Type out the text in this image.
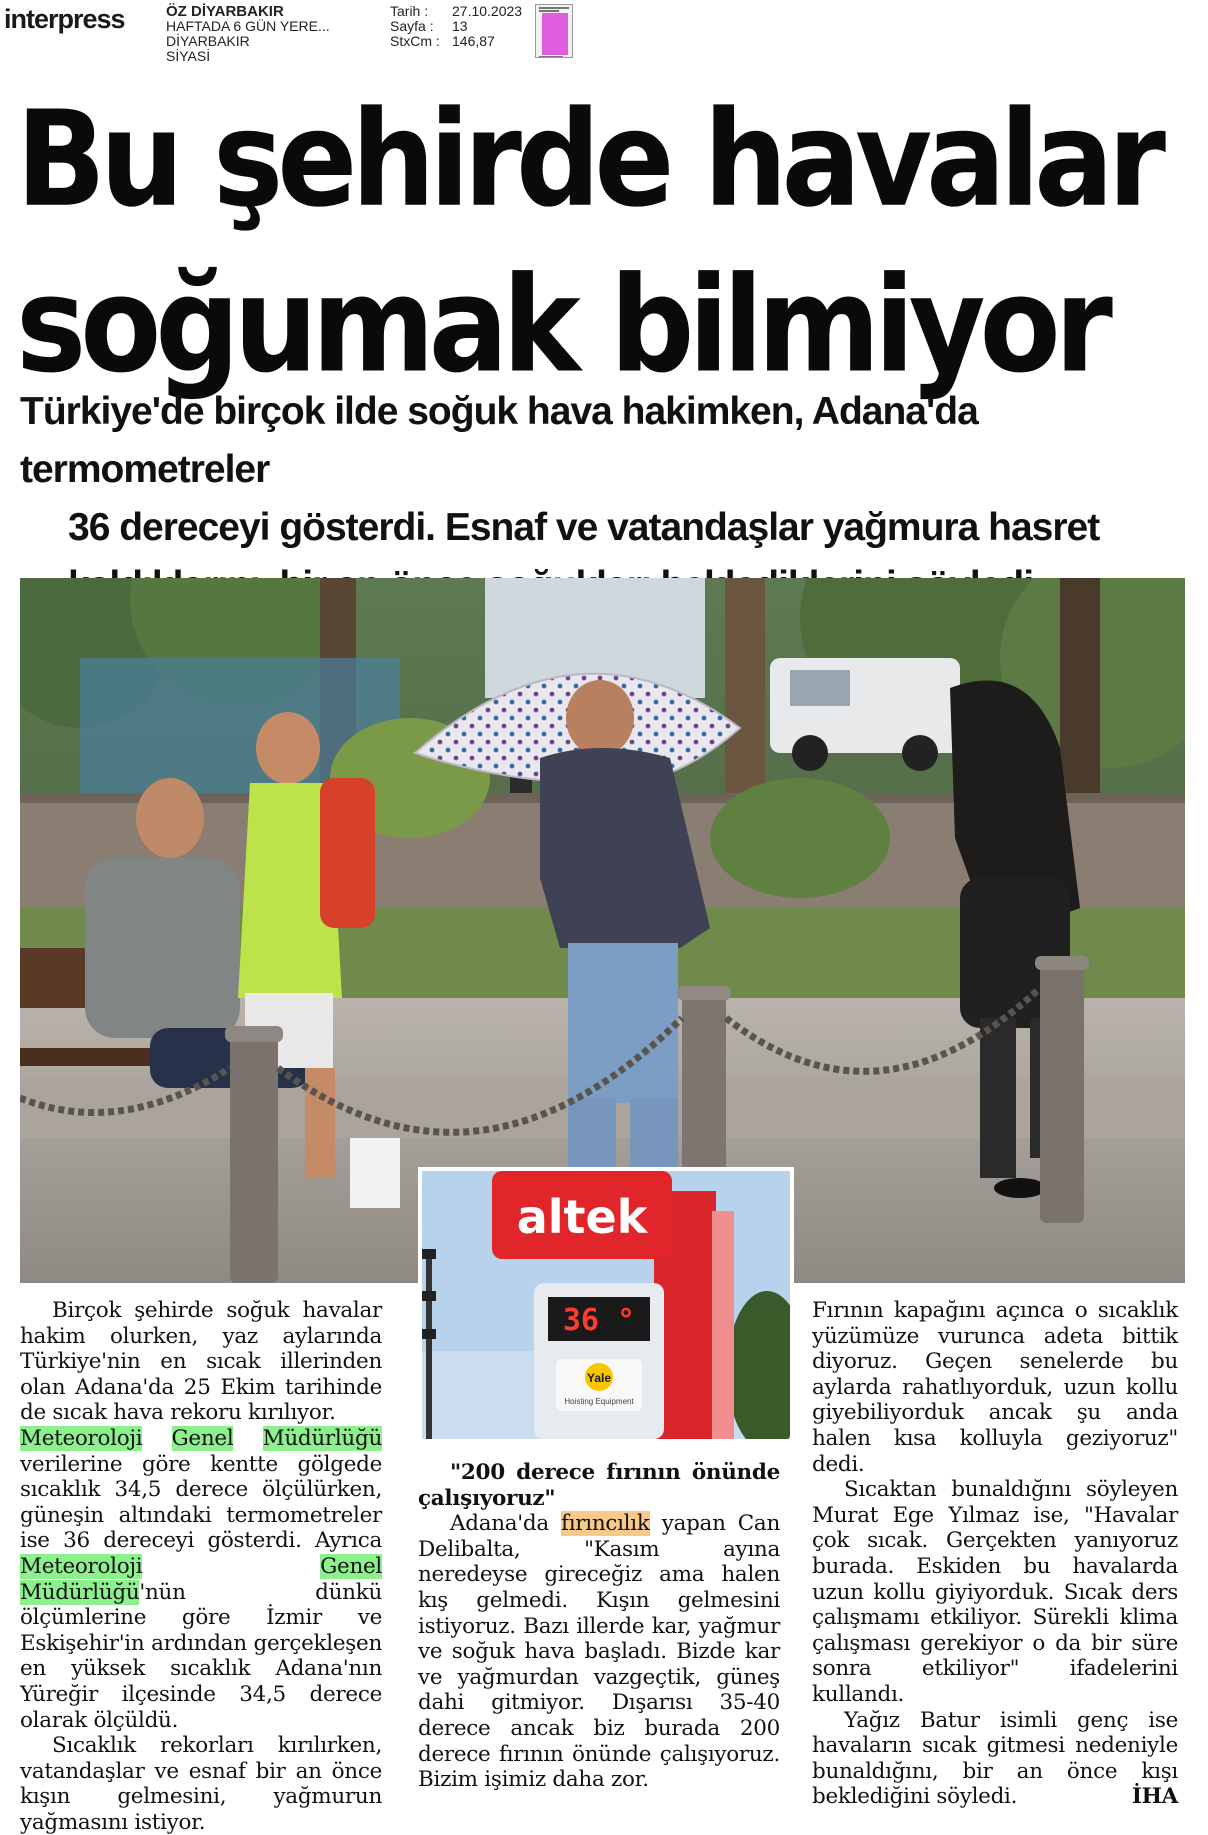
interpress	ÖZ DİYARBAKIR
HAFTADA 6 GÜN YERE...
DİYARBAKIR
SİYASİ
Tarih :	27.10.2023
Sayfa :	13
StxCm : 146,87
Bu şehirde havalar
soğumak bilmiyor

Türkiye'de birçok ilde soğuk hava hakimken, Adana'da termometreler

36 dereceyi gösterdi. Esnaf ve vatandaşlar yağmura hasret

altek
36 °
Yale
Hoisting Equipment

Birçok şehirde soğuk havalar hakim olurken, yaz aylarında Türkiye'nin en sıcak illerinden olan Adana'da 25 Ekim tarihinde de sıcak hava rekoru kırılıyor.

Meteoroloji Genel Müdürlüğü verilerine göre kentte gölgede sıcaklık 34,5 derece ölçülürken, güneşin altındaki termometreler ise 36 dereceyi gösterdi. Ayrıca Meteoroloji	Genel Müdürlüğü'nün dünkü ölçümlerine göre İzmir ve Eskişehir'in ardından gerçekleşen en yüksek sıcaklık Adana'nın Yüreğir ilçesinde 34,5 derece olarak ölçüldü.

Sıcaklık rekorları kırılırken, vatandaşlar ve esnaf bir an önce kışın gelmesini, yağmurun yağmasını istiyor.

"200 derece fırının önünde çalışıyoruz"

Adana'da fırıncılık yapan Can Delibalta, "Kasım ayına neredeyse gireceğiz ama halen kış gelmedi. Kışın gelmesini istiyoruz. Bazı illerde kar, yağmur ve soğuk hava başladı. Bizde kar ve yağmurdan vazgeçtik, güneş dahi gitmiyor. Dışarısı 35-40 derece ancak biz burada 200 derece fırının önünde çalışıyoruz. Bizim işimiz daha zor.

Fırının kapağını açınca o sıcaklık yüzümüze vurunca adeta bittik diyoruz. Geçen senelerde bu aylarda rahatlıyorduk, uzun kollu giyebiliyorduk ancak şu anda halen kısa kolluyla geziyoruz" dedi.

Sıcaktan bunaldığını söyleyen Murat Ege Yılmaz ise, "Havalar çok sıcak. Gerçekten yanıyoruz burada. Eskiden bu havalarda uzun kollu giyiyorduk. Sıcak ders çalışmamı etkiliyor. Sürekli klima çalışması gerekiyor o da bir süre sonra etkiliyor" ifadelerini kullandı.

Yağız Batur isimli genç ise havaların sıcak gitmesi nedeniyle bunaldığını, bir an önce kışı beklediğini söyledi.	İHA
